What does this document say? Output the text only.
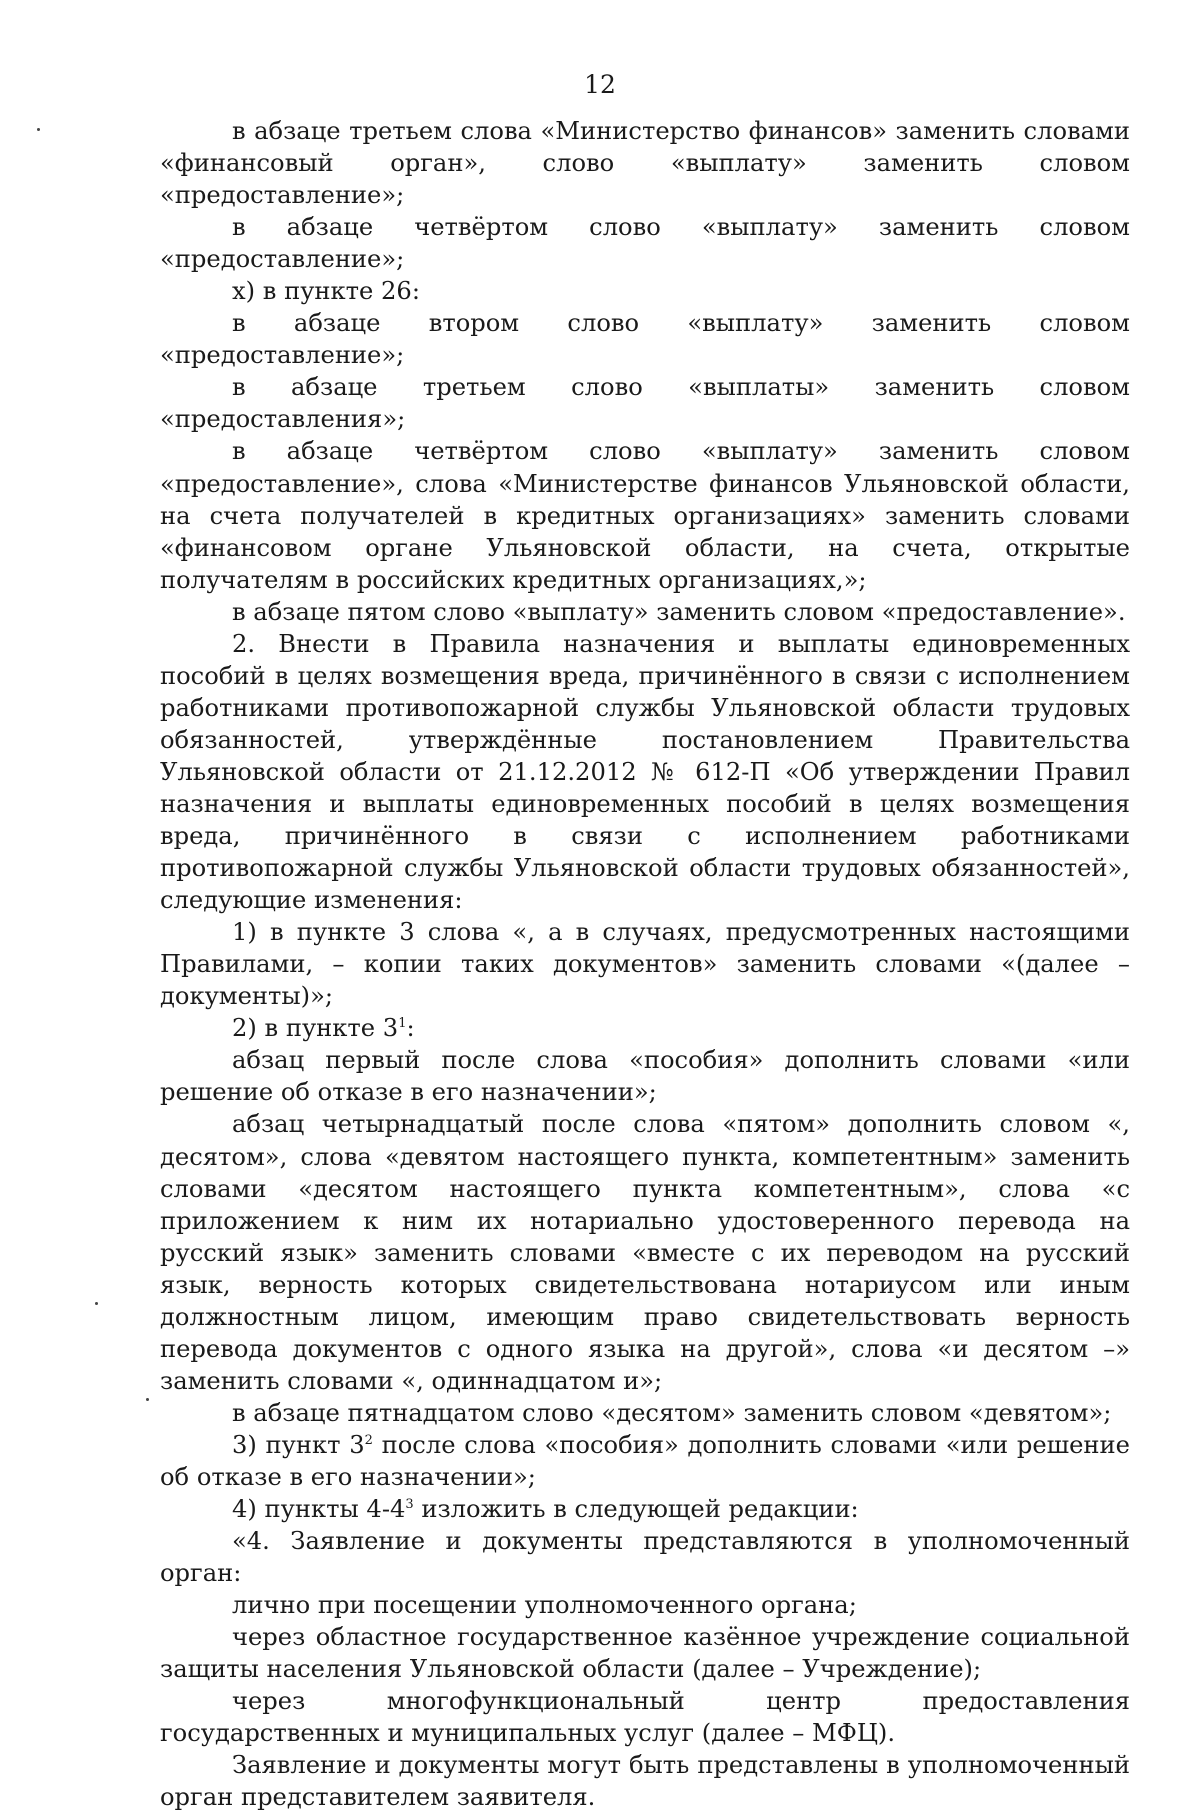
12

в абзаце третьем слова «Министерство финансов» заменить словами «финансовый орган», слово «выплату» заменить словом «предоставление»;

в абзаце четвёртом слово «выплату» заменить словом «предоставление»;

х) в пункте 26:

в абзаце втором слово «выплату» заменить словом «предоставление»;

в абзаце третьем слово «выплаты» заменить словом «предоставления»;

в абзаце четвёртом слово «выплату» заменить словом «предоставление», слова «Министерстве финансов Ульяновской области, на счета получателей в кредитных организациях» заменить словами «финансовом органе Ульяновской области, на счета, открытые получателям в российских кредитных организациях,»;

в абзаце пятом слово «выплату» заменить словом «предоставление».

2. Внести в Правила назначения и выплаты единовременных пособий в целях возмещения вреда, причинённого в связи с исполнением работниками противопожарной службы Ульяновской области трудовых обязанностей, утверждённые постановлением Правительства Ульяновской области от 21.12.2012 № 612-П «Об утверждении Правил назначения и выплаты единовременных пособий в целях возмещения вреда, причинённого в связи с исполнением работниками противопожарной службы Ульяновской области трудовых обязанностей», следующие изменения:

1) в пункте 3 слова «, а в случаях, предусмотренных настоящими Правилами, – копии таких документов» заменить словами «(далее – документы)»;

2) в пункте $3^1$:

абзац первый после слова «пособия» дополнить словами «или решение об отказе в его назначении»;

абзац четырнадцатый после слова «пятом» дополнить словом «, десятом», слова «девятом настоящего пункта, компетентным» заменить словами «десятом настоящего пункта компетентным», слова «с приложением к ним их нотариально удостоверенного перевода на русский язык» заменить словами «вместе с их переводом на русский язык, верность которых свидетельствована нотариусом или иным должностным лицом, имеющим право свидетельствовать верность перевода документов с одного языка на другой», слова «и десятом –» заменить словами «, одиннадцатом и»;

в абзаце пятнадцатом слово «десятом» заменить словом «девятом»;

3) пункт $3^2$ после слова «пособия» дополнить словами «или решение об отказе в его назначении»;

4) пункты $4-4^3$ изложить в следующей редакции:

«4. Заявление и документы представляются в уполномоченный орган:

лично при посещении уполномоченного органа;

через областное государственное казённое учреждение социальной защиты населения Ульяновской области (далее – Учреждение);

через многофункциональный центр предоставления государственных и муниципальных услуг (далее – МФЦ).

Заявление и документы могут быть представлены в уполномоченный орган представителем заявителя.
